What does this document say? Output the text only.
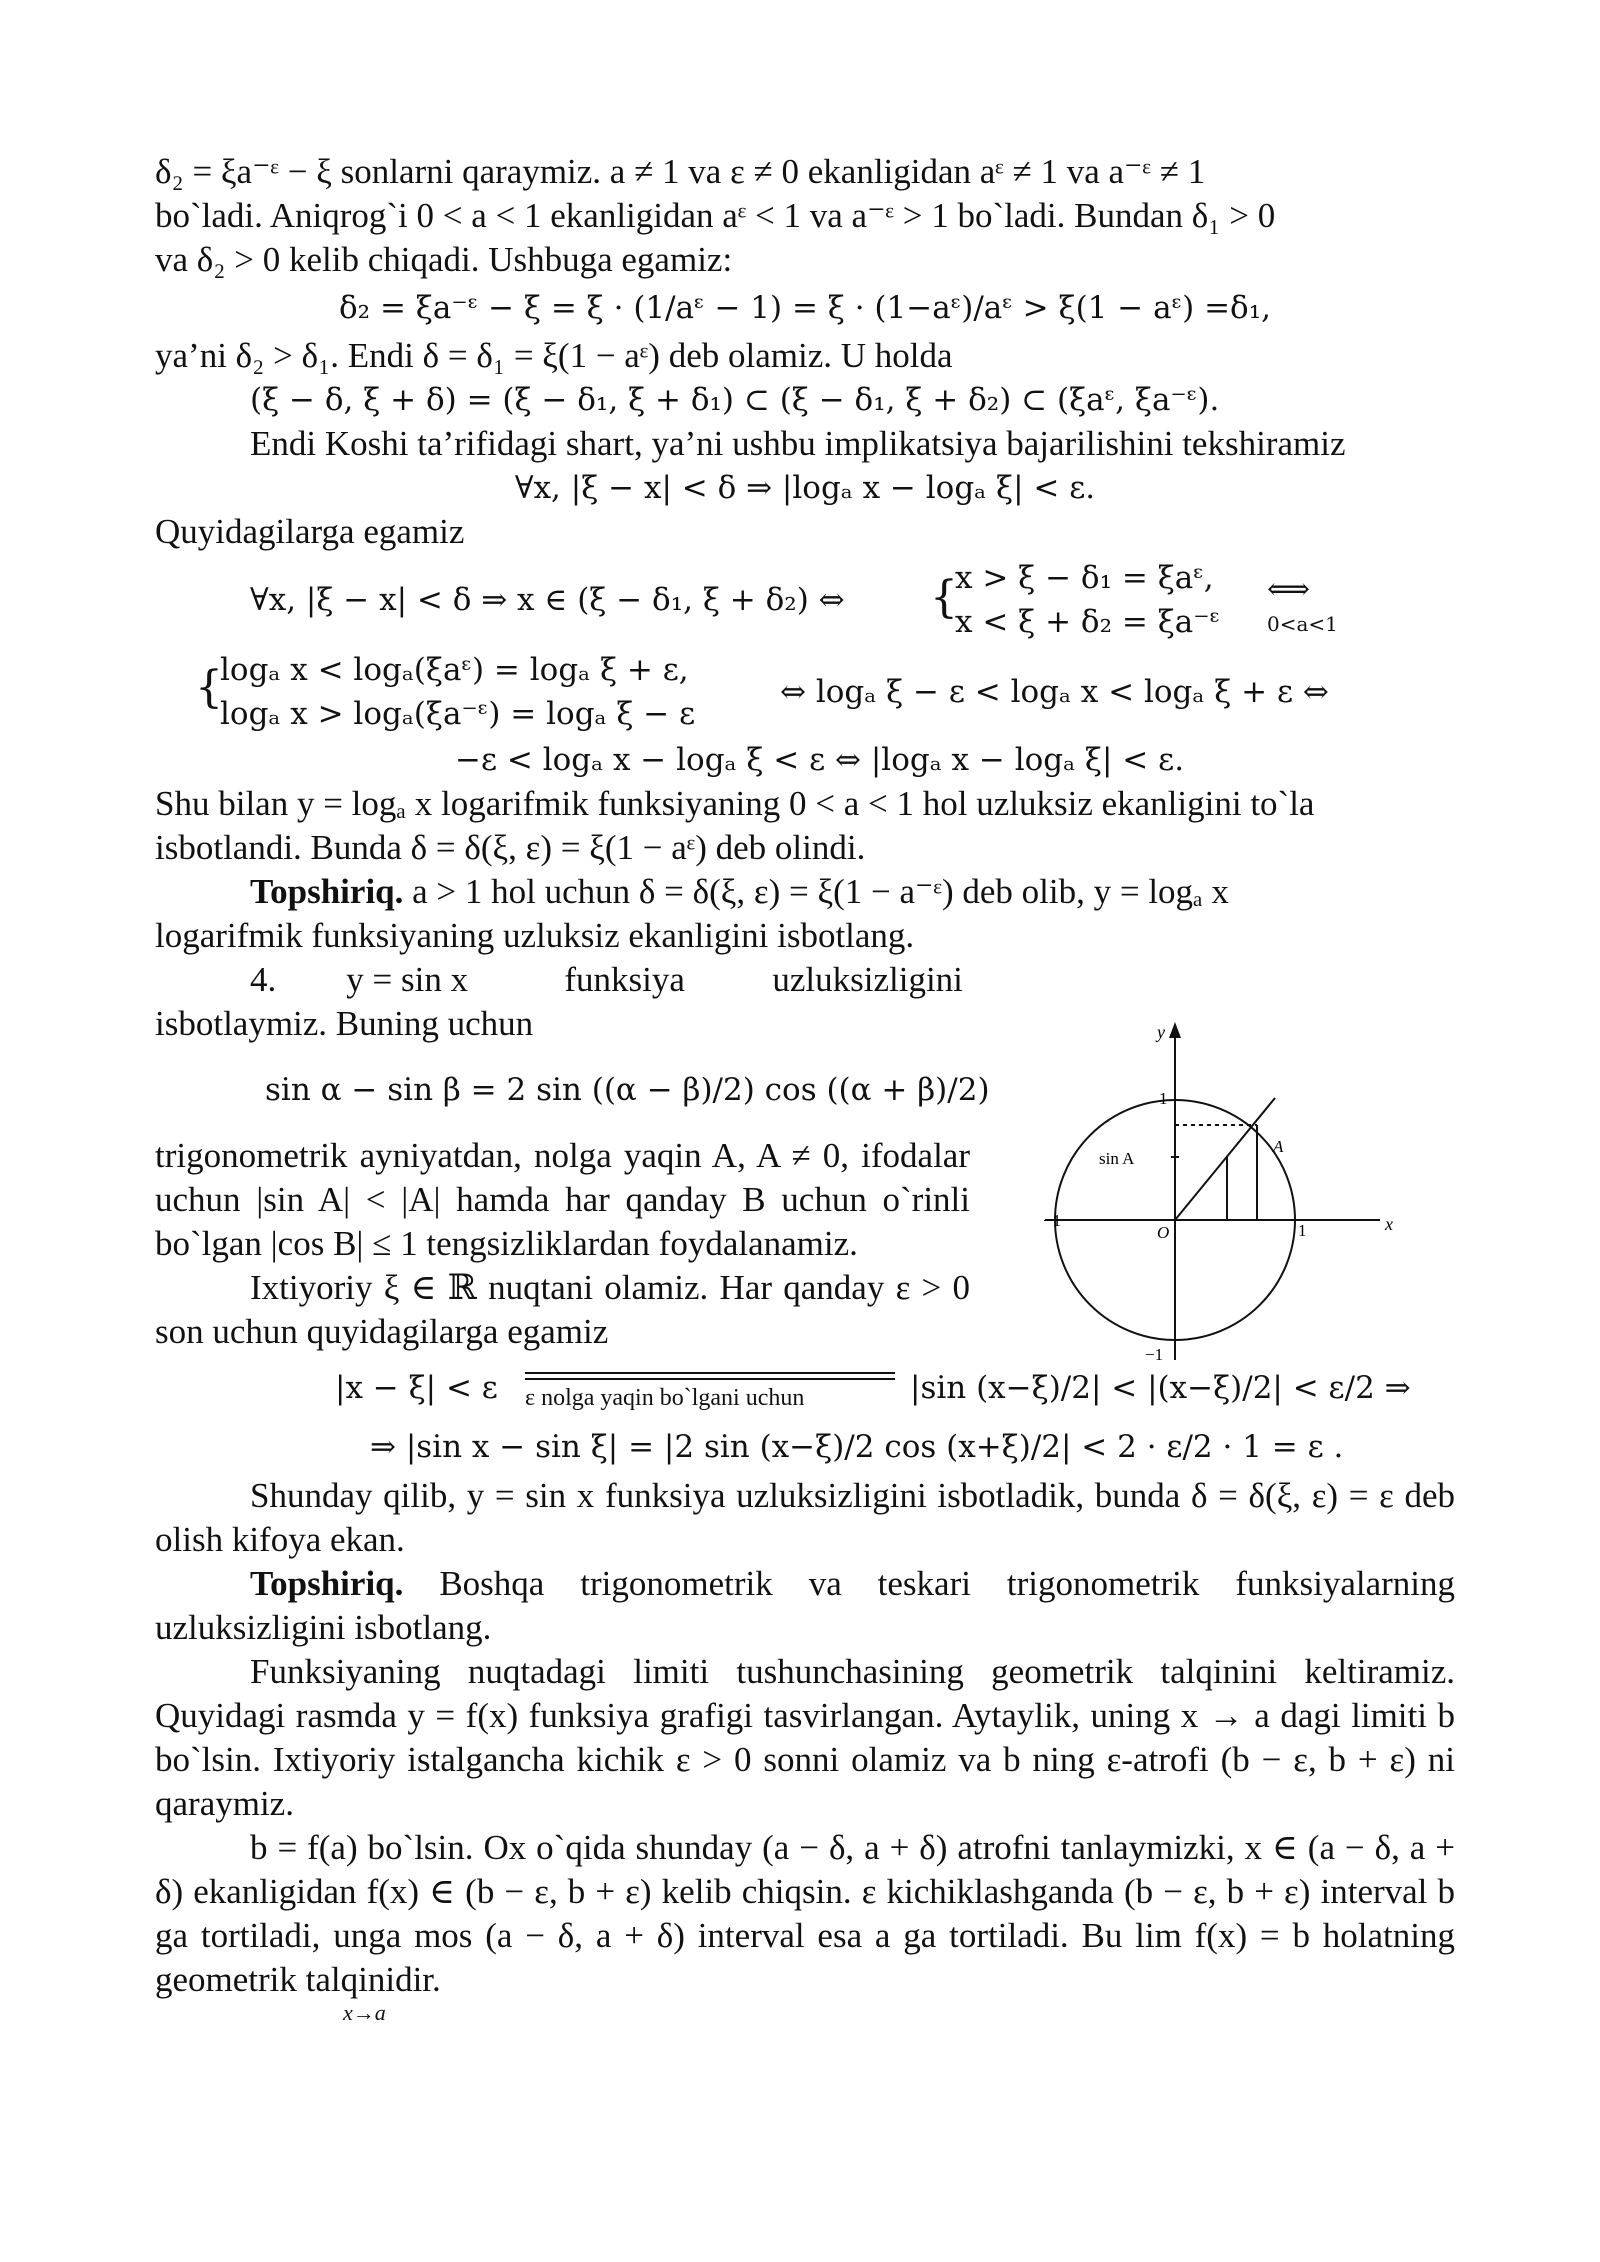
δ₂ = ξa⁻ᵋ − ξ sonlarni qaraymiz. a ≠ 1 va ε ≠ 0 ekanligidan aᵋ ≠ 1 va a⁻ᵋ ≠ 1

bo`ladi. Aniqrog`i 0 < a < 1 ekanligidan aᵋ < 1 va a⁻ᵋ > 1 bo`ladi. Bundan δ₁ > 0

va δ₂ > 0 kelib chiqadi. Ushbuga egamiz:

δ₂ = ξa⁻ᵋ − ξ = ξ · (1/aᵋ − 1) = ξ · (1−aᵋ)/aᵋ > ξ(1 − aᵋ) =δ₁,

ya’ni δ₂ > δ₁. Endi δ = δ₁ = ξ(1 − aᵋ) deb olamiz. U holda

(ξ − δ, ξ + δ) = (ξ − δ₁, ξ + δ₁) ⊂ (ξ − δ₁, ξ + δ₂) ⊂ (ξaᵋ, ξa⁻ᵋ).

Endi Koshi ta’rifidagi shart, ya’ni ushbu implikatsiya bajarilishini tekshiramiz

∀x, |ξ − x| < δ ⇒ |logₐ x − logₐ ξ| < ε.

Quyidagilarga egamiz

∀x, |ξ − x| < δ ⇒ x ∈ (ξ − δ₁, ξ + δ₂) ⇔ {
x > ξ − δ₁ = ξaᵋ,
x < ξ + δ₂ = ξa⁻ᵋ
⟺
0<a<1
{
logₐ x < logₐ(ξaᵋ) = logₐ ξ + ε,
logₐ x > logₐ(ξa⁻ᵋ) = logₐ ξ − ε
⇔ logₐ ξ − ε < logₐ x < logₐ ξ + ε ⇔

−ε < logₐ x − logₐ ξ < ε ⇔ |logₐ x − logₐ ξ| < ε.

Shu bilan y = logₐ x logarifmik funksiyaning 0 < a < 1 hol uzluksiz ekanligini to`la

isbotlandi. Bunda δ = δ(ξ, ε) = ξ(1 − aᵋ) deb olindi.

Topshiriq. a > 1 hol uchun δ = δ(ξ, ε) = ξ(1 − a⁻ᵋ) deb olib, y = logₐ x

logarifmik funksiyaning uzluksiz ekanligini isbotlang.

4.        y = sin x           funksiya          uzluksizligini

isbotlaymiz. Buning uchun

sin α − sin β = 2 sin ((α − β)/2) cos ((α + β)/2)

trigonometrik ayniyatdan, nolga yaqin A, A ≠ 0, ifodalar uchun |sin A| < |A| hamda har qanday B uchun o`rinli bo`lgan |cos B| ≤ 1 tengsizliklardan foydalanamiz.

Ixtiyoriy ξ ∈ ℝ nuqtani olamiz. Har qanday ε > 0 son uchun quyidagilarga egamiz

|x − ξ| < ε ε nolga yaqin bo`lgani uchun	|sin (x−ξ)/2| < |(x−ξ)/2| < ε/2 ⇒

⇒ |sin x − sin ξ| = |2 sin (x−ξ)/2 cos (x+ξ)/2| < 2 · ε/2 · 1 = ε .

Shunday qilib, y = sin x funksiya uzluksizligini isbotladik, bunda δ = δ(ξ, ε) = ε deb olish kifoya ekan.

Topshiriq. Boshqa trigonometrik va teskari trigonometrik funksiyalarning uzluksizligini isbotlang.

Funksiyaning nuqtadagi limiti tushunchasining geometrik talqinini keltiramiz. Quyidagi rasmda y = f(x) funksiya grafigi tasvirlangan. Aytaylik, uning x → a dagi limiti b bo`lsin. Ixtiyoriy istalgancha kichik ε > 0 sonni olamiz va b ning ε-atrofi (b − ε, b + ε) ni qaraymiz.

b = f(a) bo`lsin. Ox o`qida shunday (a − δ, a + δ) atrofni tanlaymizki, x ∈ (a − δ, a + δ) ekanligidan f(x) ∈ (b − ε, b + ε) kelib chiqsin. ε kichiklashganda (b − ε, b + ε) interval b ga tortiladi, unga mos (a − δ, a + δ) interval esa a ga tortiladi. Bu lim f(x) = b holatning geometrik talqinidir.

x→a

y
x
1
−1
O	1
−1
sin A
A
